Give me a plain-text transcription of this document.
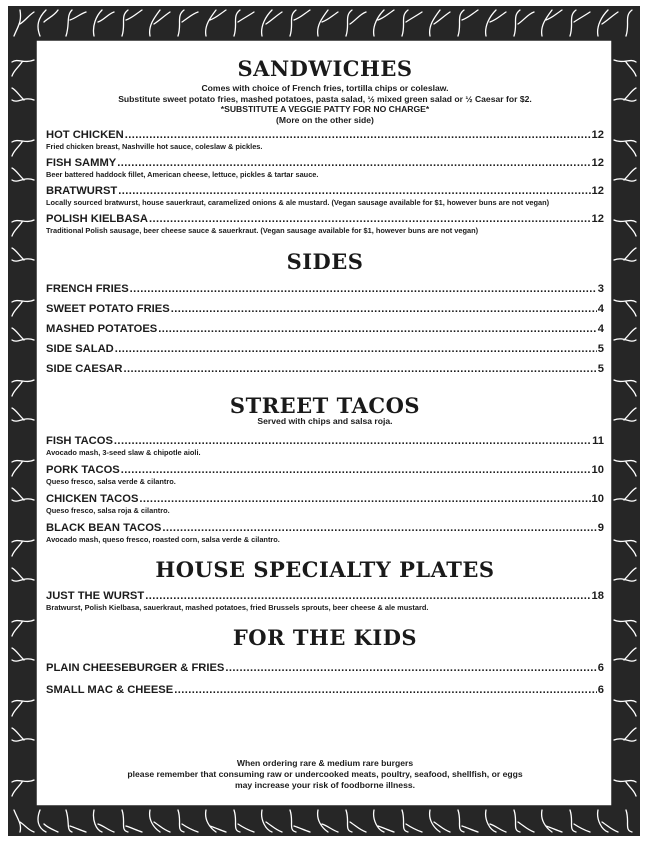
SANDWICHES

Comes with choice of French fries, tortilla chips or coleslaw.

Substitute sweet potato fries, mashed potatoes, pasta salad, ½ mixed green salad or ½ Caesar for $2.

*SUBSTITUTE A VEGGIE PATTY FOR NO CHARGE*

(More on the other side)

HOT CHICKEN .....	12

Fried chicken breast, Nashville hot sauce, coleslaw & pickles.

FISH SAMMY .....	12

Beer battered haddock fillet, American cheese, lettuce, pickles & tartar sauce.

BRATWURST .....	12

Locally sourced bratwurst, house sauerkraut, caramelized onions & ale mustard. (Vegan sausage available for $1, however buns are not vegan)

POLISH KIELBASA .....	12

Traditional Polish sausage, beer cheese sauce & sauerkraut. (Vegan sausage available for $1, however buns are not vegan)

SIDES
FRENCH FRIES .....	3
SWEET POTATO FRIES .....	4
MASHED POTATOES .....	4
SIDE SALAD .....	5
SIDE CAESAR .....	5
STREET TACOS

Served with chips and salsa roja.

FISH TACOS .....	11

Avocado mash, 3-seed slaw & chipotle aioli.

PORK TACOS .....	10

Queso fresco, salsa verde & cilantro.

CHICKEN TACOS .....	10

Queso fresco, salsa roja & cilantro.

BLACK BEAN TACOS .....	9

Avocado mash, queso fresco, roasted corn, salsa verde & cilantro.

HOUSE SPECIALTY PLATES
JUST THE WURST .....	18

Bratwurst, Polish Kielbasa, sauerkraut, mashed potatoes, fried Brussels sprouts, beer cheese & ale mustard.

FOR THE KIDS
PLAIN CHEESEBURGER & FRIES .....	6
SMALL MAC & CHEESE .....	6
When ordering rare & medium rare burgers
please remember that consuming raw or undercooked meats, poultry, seafood, shellfish, or eggs
may increase your risk of foodborne illness.
